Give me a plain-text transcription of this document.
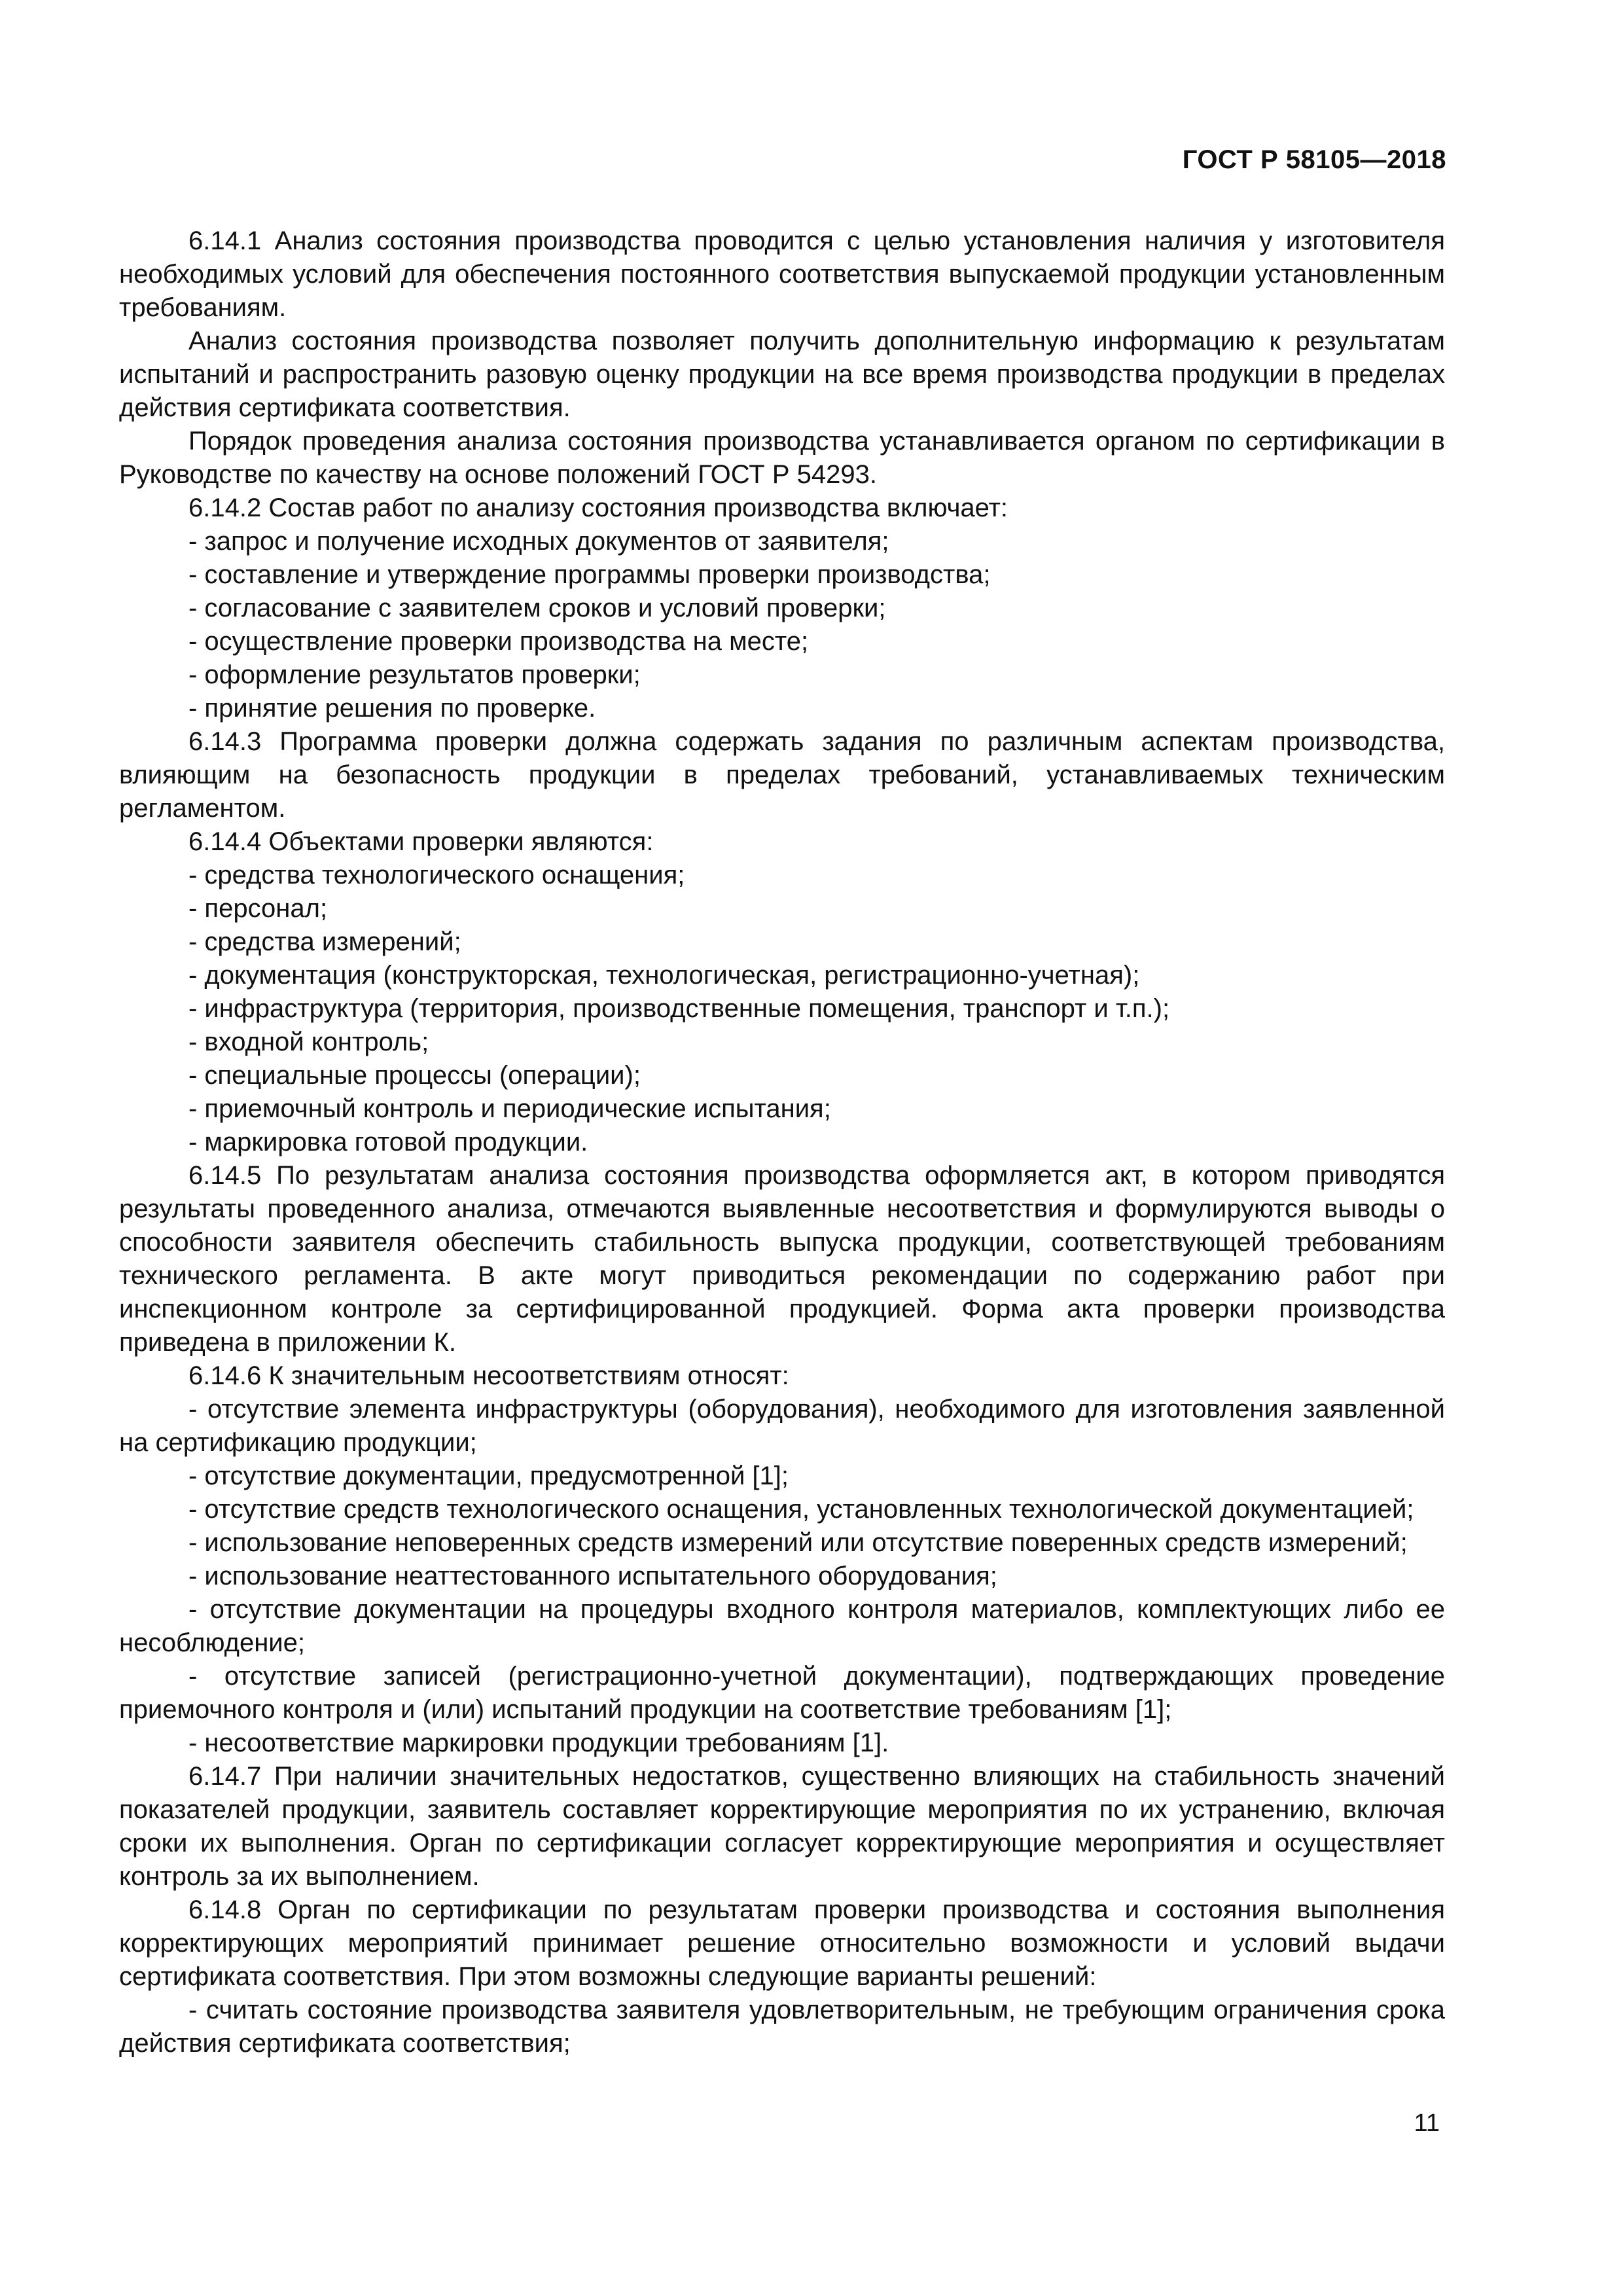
ГОСТ Р 58105—2018

6.14.1 Анализ состояния производства проводится с целью установления наличия у изготовителя необходимых условий для обеспечения постоянного соответствия выпускаемой продукции установленным требованиям.

Анализ состояния производства позволяет получить дополнительную информацию к результатам испытаний и распространить разовую оценку продукции на все время производства продукции в пределах действия сертификата соответствия.

Порядок проведения анализа состояния производства устанавливается органом по сертификации в Руководстве по качеству на основе положений ГОСТ Р 54293.

6.14.2 Состав работ по анализу состояния производства включает:

- запрос и получение исходных документов от заявителя;

- составление и утверждение программы проверки производства;

- согласование с заявителем сроков и условий проверки;

- осуществление проверки производства на месте;

- оформление результатов проверки;

- принятие решения по проверке.

6.14.3 Программа проверки должна содержать задания по различным аспектам производства, влияющим на безопасность продукции в пределах требований, устанавливаемых техническим регламентом.

6.14.4 Объектами проверки являются:

- средства технологического оснащения;

- персонал;

- средства измерений;

- документация (конструкторская, технологическая, регистрационно-учетная);

- инфраструктура (территория, производственные помещения, транспорт и т.п.);

- входной контроль;

- специальные процессы (операции);

- приемочный контроль и периодические испытания;

- маркировка готовой продукции.

6.14.5 По результатам анализа состояния производства оформляется акт, в котором приводятся результаты проведенного анализа, отмечаются выявленные несоответствия и формулируются выводы о способности заявителя обеспечить стабильность выпуска продукции, соответствующей требованиям технического регламента. В акте могут приводиться рекомендации по содержанию работ при инспекционном контроле за сертифицированной продукцией. Форма акта проверки производства приведена в приложении К.

6.14.6 К значительным несоответствиям относят:

- отсутствие элемента инфраструктуры (оборудования), необходимого для изготовления заявленной на сертификацию продукции;

- отсутствие документации, предусмотренной [1];

- отсутствие средств технологического оснащения, установленных технологической документацией;

- использование неповеренных средств измерений или отсутствие поверенных средств измерений;

- использование неаттестованного испытательного оборудования;

- отсутствие документации на процедуры входного контроля материалов, комплектующих либо ее несоблюдение;

- отсутствие записей (регистрационно-учетной документации), подтверждающих проведение приемочного контроля и (или) испытаний продукции на соответствие требованиям [1];

- несоответствие маркировки продукции требованиям [1].

6.14.7 При наличии значительных недостатков, существенно влияющих на стабильность значений показателей продукции, заявитель составляет корректирующие мероприятия по их устранению, включая сроки их выполнения. Орган по сертификации согласует корректирующие мероприятия и осуществляет контроль за их выполнением.

6.14.8 Орган по сертификации по результатам проверки производства и состояния выполнения корректирующих мероприятий принимает решение относительно возможности и условий выдачи сертификата соответствия. При этом возможны следующие варианты решений:

- считать состояние производства заявителя удовлетворительным, не требующим ограничения срока действия сертификата соответствия;

11
